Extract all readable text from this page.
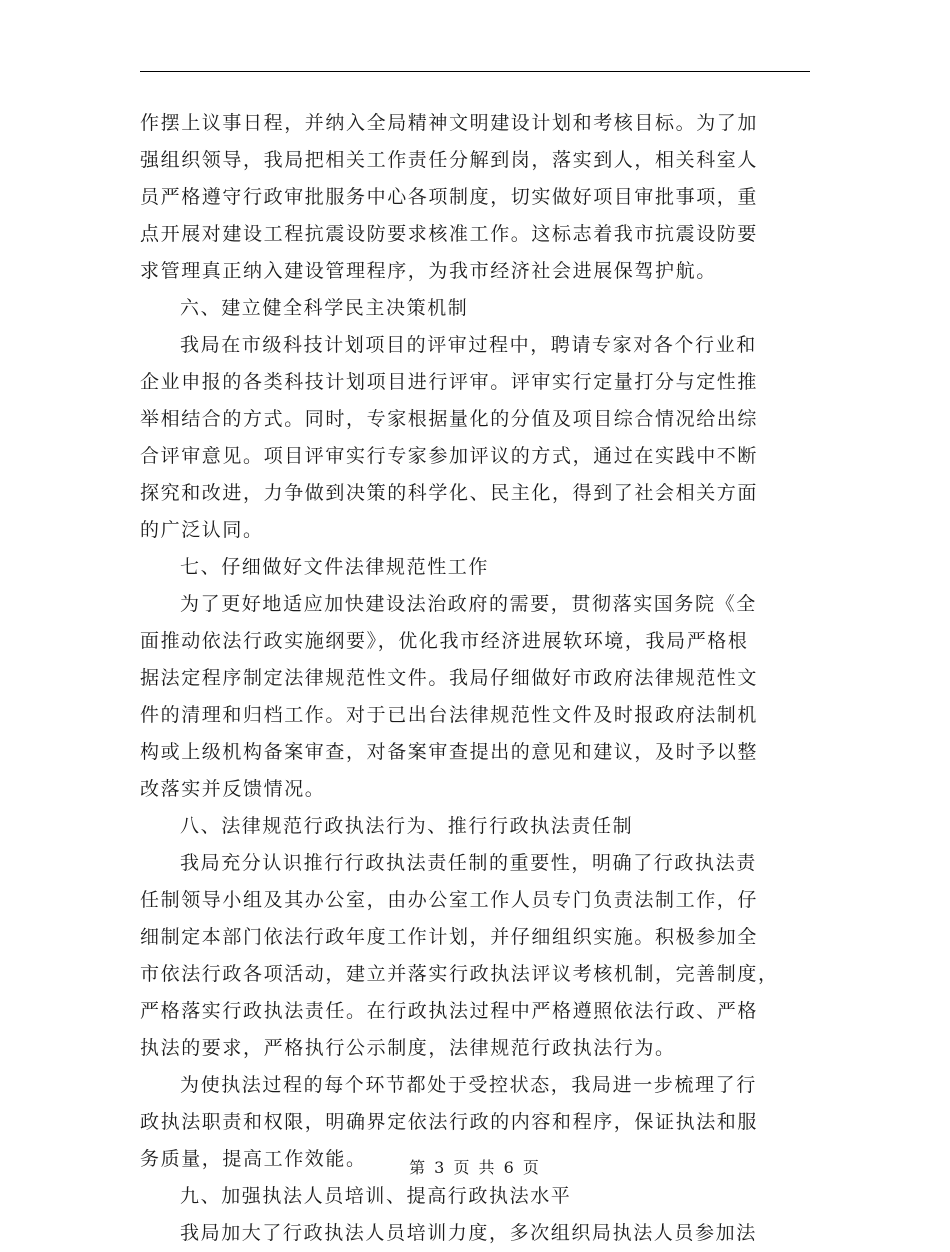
作摆上议事日程，并纳入全局精神文明建设计划和考核目标。为了加
强组织领导，我局把相关工作责任分解到岗，落实到人，相关科室人
员严格遵守行政审批服务中心各项制度，切实做好项目审批事项，重
点开展对建设工程抗震设防要求核准工作。这标志着我市抗震设防要
求管理真正纳入建设管理程序，为我市经济社会进展保驾护航。
六、建立健全科学民主决策机制
我局在市级科技计划项目的评审过程中，聘请专家对各个行业和
企业申报的各类科技计划项目进行评审。评审实行定量打分与定性推
举相结合的方式。同时，专家根据量化的分值及项目综合情况给出综
合评审意见。项目评审实行专家参加评议的方式，通过在实践中不断
探究和改进，力争做到决策的科学化、民主化，得到了社会相关方面
的广泛认同。
七、仔细做好文件法律规范性工作
为了更好地适应加快建设法治政府的需要，贯彻落实国务院《全
面推动依法行政实施纲要》，优化我市经济进展软环境，我局严格根
据法定程序制定法律规范性文件。我局仔细做好市政府法律规范性文
件的清理和归档工作。对于已出台法律规范性文件及时报政府法制机
构或上级机构备案审查，对备案审查提出的意见和建议，及时予以整
改落实并反馈情况。
八、法律规范行政执法行为、推行行政执法责任制
我局充分认识推行行政执法责任制的重要性，明确了行政执法责
任制领导小组及其办公室，由办公室工作人员专门负责法制工作，仔
细制定本部门依法行政年度工作计划，并仔细组织实施。积极参加全
市依法行政各项活动，建立并落实行政执法评议考核机制，完善制度，
严格落实行政执法责任。在行政执法过程中严格遵照依法行政、严格
执法的要求，严格执行公示制度，法律规范行政执法行为。
为使执法过程的每个环节都处于受控状态，我局进一步梳理了行
政执法职责和权限，明确界定依法行政的内容和程序，保证执法和服
务质量，提高工作效能。
九、加强执法人员培训、提高行政执法水平
我局加大了行政执法人员培训力度，多次组织局执法人员参加法
第 3 页 共 6 页
